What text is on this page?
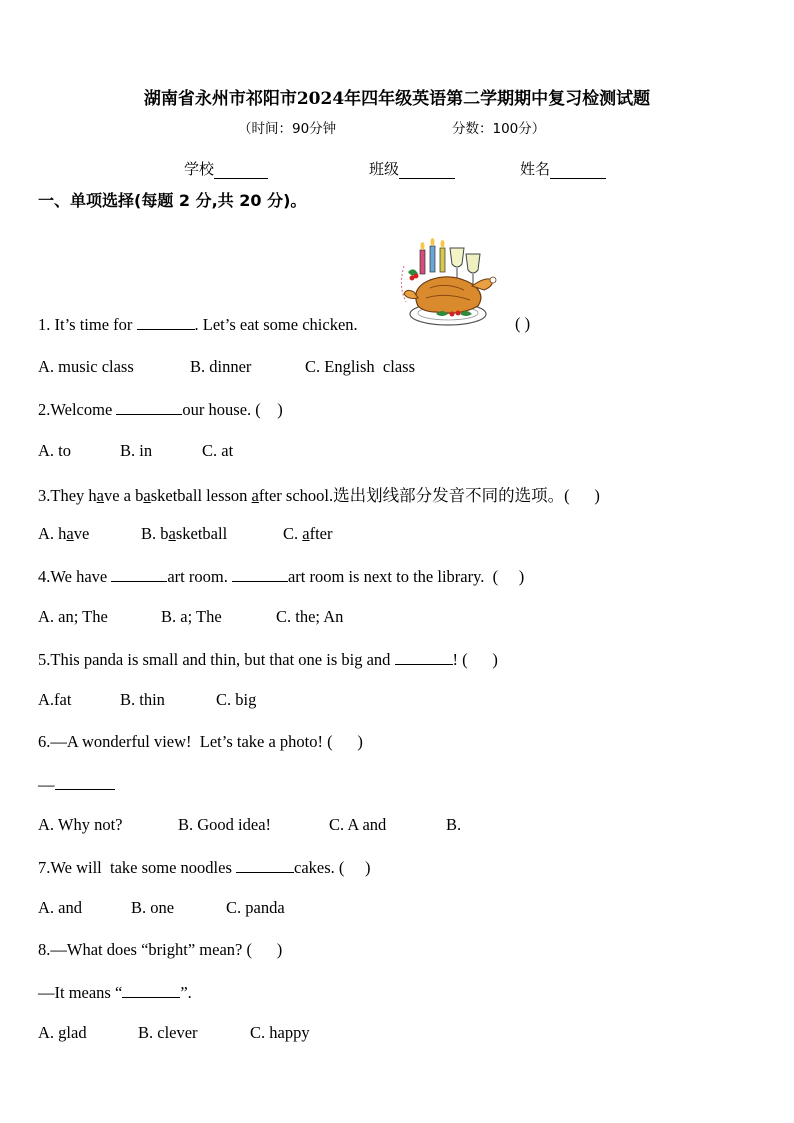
湖南省永州市祁阳市2024年四年级英语第二学期期中复习检测试题
（时间：90分钟	分数：100分）
学校	班级	姓名
一、单项选择(每题 2 分,共 20 分)。
1. It’s time for	. Let’s eat some chicken.	( )
A. music class	B. dinner	C. English  class
2.Welcome	our house. (    )
A. to	B. in	C. at
3.They have a basketball lesson after school.选出划线部分发音不同的选项。(      )
A. have	B. basketball	C. after
4.We have	art room.	art room is next to the library.  (     )
A. an; The	B. a; The	C. the; An
5.This panda is small and thin, but that one is big and	! (      )
A.fat	B. thin	C. big
6.—A wonderful view!  Let’s take a photo! (      )
—
A. Why not?	B. Good idea!	C. A and	B.
7.We will  take some noodles	cakes. (     )
A. and	B. one	C. panda
8.—What does “bright” mean? (      )
—It means “	”.
A. glad	B. clever	C. happy
